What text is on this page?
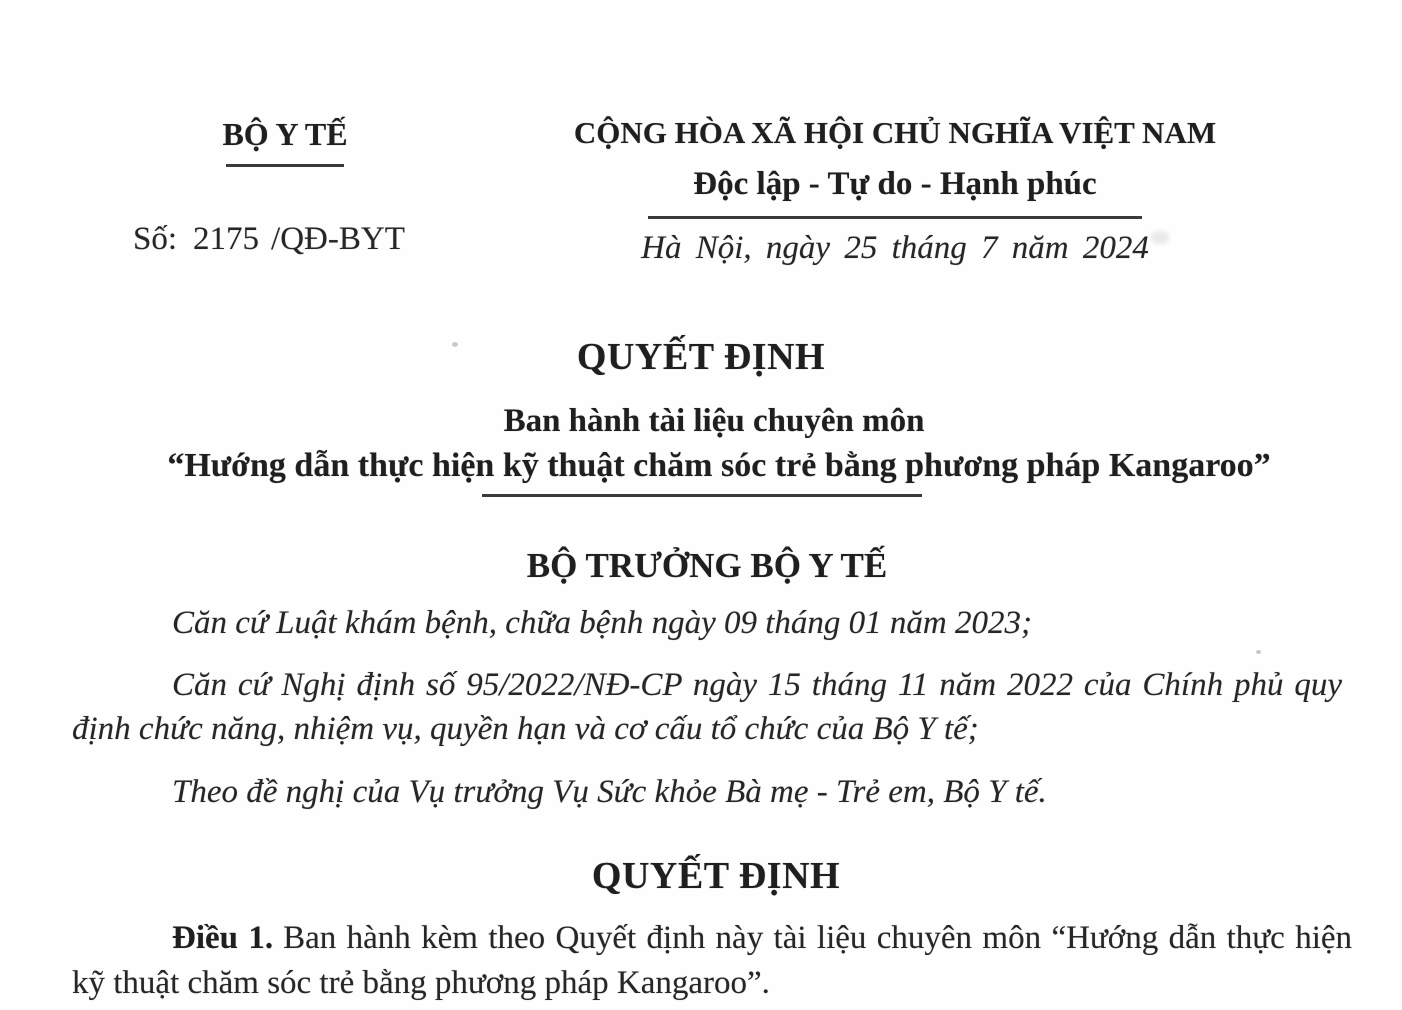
BỘ Y TẾ
Số: 2175 /QĐ-BYT
CỘNG HÒA XÃ HỘI CHỦ NGHĨA VIỆT NAM
Độc lập - Tự do - Hạnh phúc
Hà Nội, ngày 25 tháng 7 năm 2024
QUYẾT ĐỊNH
Ban hành tài liệu chuyên môn
“Hướng dẫn thực hiện kỹ thuật chăm sóc trẻ bằng phương pháp Kangaroo”
BỘ TRƯỞNG BỘ Y TẾ

Căn cứ Luật khám bệnh, chữa bệnh ngày 09 tháng 01 năm 2023;

Căn cứ Nghị định số 95/2022/NĐ-CP ngày 15 tháng 11 năm 2022 của Chính phủ quy định chức năng, nhiệm vụ, quyền hạn và cơ cấu tổ chức của Bộ Y tế;

Theo đề nghị của Vụ trưởng Vụ Sức khỏe Bà mẹ - Trẻ em, Bộ Y tế.

QUYẾT ĐỊNH

Điều 1. Ban hành kèm theo Quyết định này tài liệu chuyên môn “Hướng dẫn thực hiện kỹ thuật chăm sóc trẻ bằng phương pháp Kangaroo”.
